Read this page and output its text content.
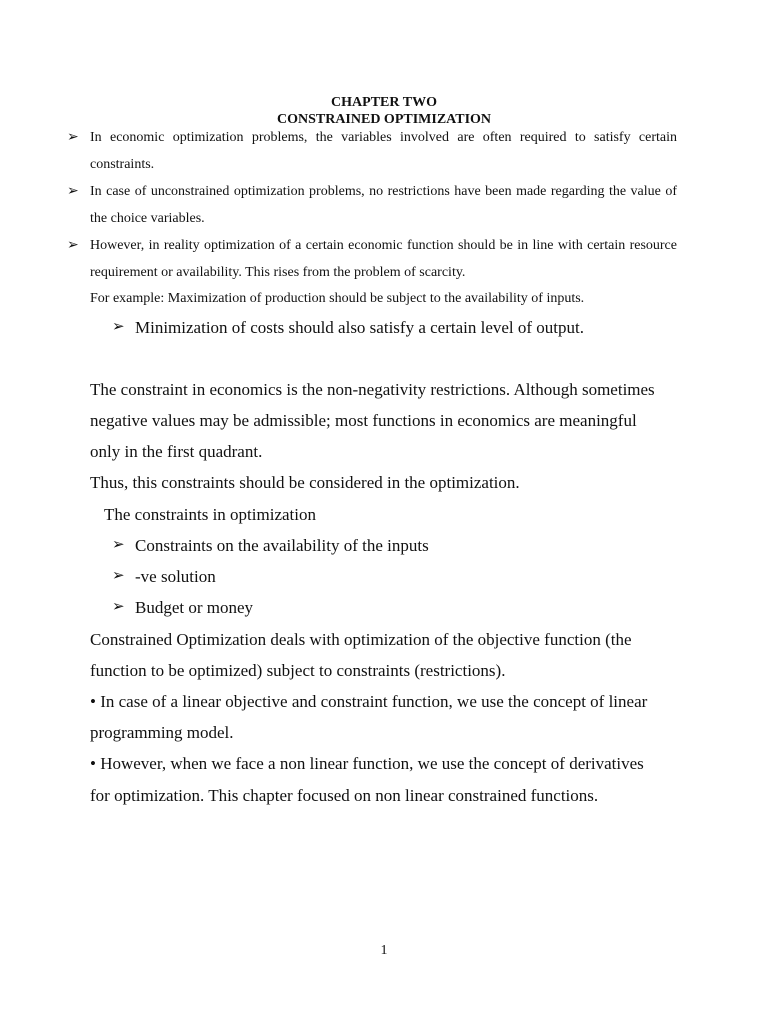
CHAPTER TWO
CONSTRAINED OPTIMIZATION
➢ In economic optimization problems, the variables involved are often required to satisfy certain constraints.
➢ In case of unconstrained optimization problems, no restrictions have been made regarding the value of the choice variables.
➢ However, in reality optimization of a certain economic function should be in line with certain resource requirement or availability. This rises from the problem of scarcity.
For example: Maximization of production should be subject to the availability of inputs.
➢ Minimization of costs should also satisfy a certain level of output.
The constraint in economics is the non-negativity restrictions. Although sometimes
negative values may be admissible; most functions in economics are meaningful
only in the first quadrant.
Thus, this constraints should be considered in the optimization.
The constraints in optimization
➢ Constraints on the availability of the inputs
➢ -ve solution
➢ Budget or money
Constrained Optimization deals with optimization of the objective function (the
function to be optimized) subject to constraints (restrictions).
• In case of a linear objective and constraint function, we use the concept of linear
programming model.
• However, when we face a non linear function, we use the concept of derivatives
for optimization. This chapter focused on non linear constrained functions.
1
